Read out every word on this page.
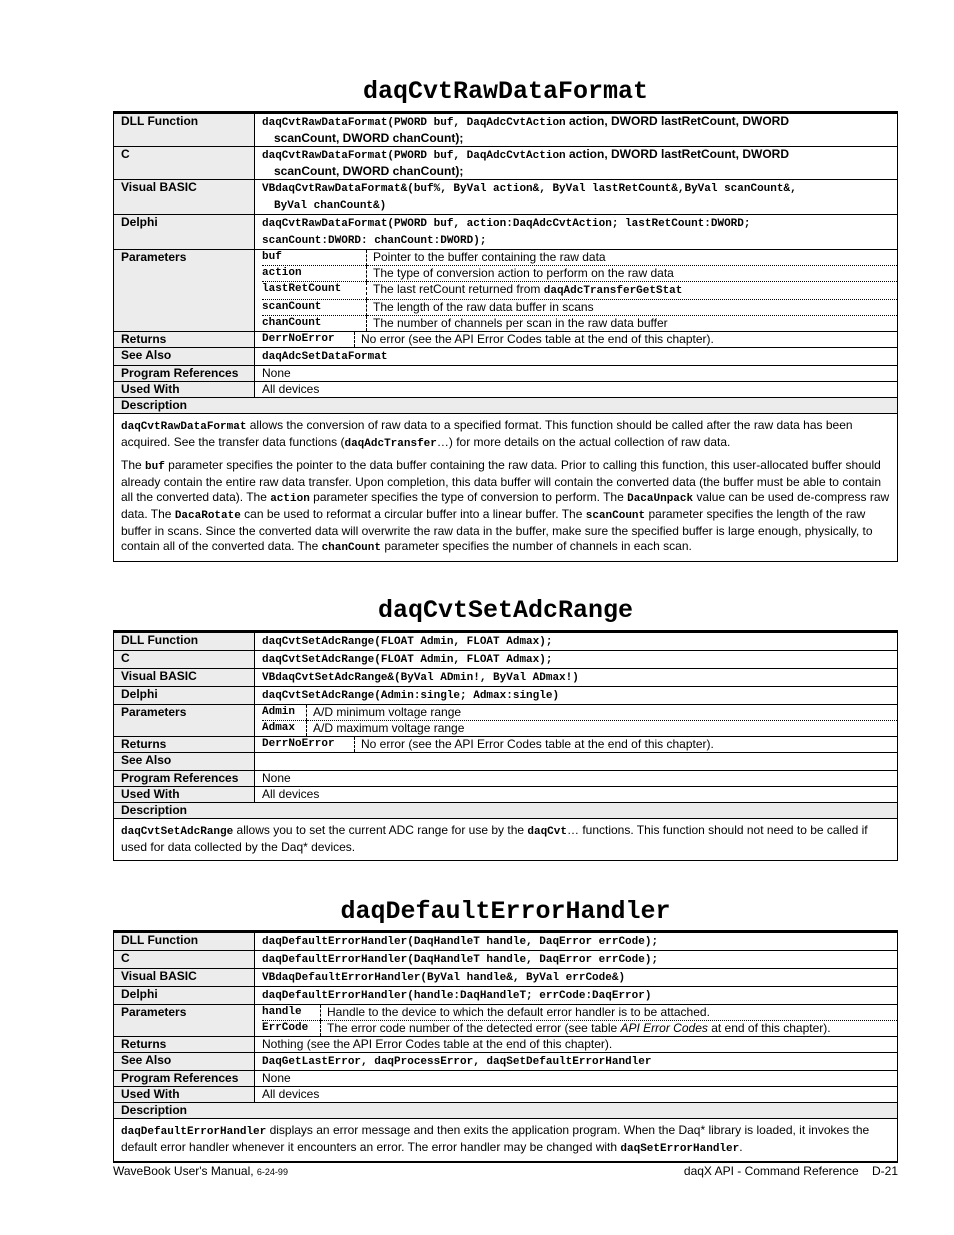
daqCvtRawDataFormat
DLL Function	daqCvtRawDataFormat(PWORD buf, DaqAdcCvtAction action, DWORD lastRetCount, DWORD
scanCount, DWORD chanCount);
C	daqCvtRawDataFormat(PWORD buf, DaqAdcCvtAction action, DWORD lastRetCount, DWORD
scanCount, DWORD chanCount);
Visual BASIC	VBdaqCvtRawDataFormat&(buf%, ByVal action&, ByVal lastRetCount&,ByVal scanCount&,
ByVal chanCount&)
Delphi	daqCvtRawDataFormat(PWORD buf, action:DaqAdcCvtAction; lastRetCount:DWORD;
scanCount:DWORD: chanCount:DWORD);
Parameters		buf	Pointer to the buffer containing the raw data
action	The type of conversion action to perform on the raw data
lastRetCount	The last retCount returned from daqAdcTransferGetStat
scanCount	The length of the raw data buffer in scans
chanCount	The number of channels per scan in the raw data buffer

Returns		DerrNoError	No error (see the API Error Codes table at the end of this chapter).

See Also	daqAdcSetDataFormat
Program References	None
Used With	All devices
Description

daqCvtRawDataFormat allows the conversion of raw data to a specified format. This function should be called after the raw data has been acquired. See the transfer data functions (daqAdcTransfer…) for more details on the actual collection of raw data.

The buf parameter specifies the pointer to the data buffer containing the raw data. Prior to calling this function, this user-allocated buffer should already contain the entire raw data transfer. Upon completion, this data buffer will contain the converted data (the buffer must be able to contain all the converted data). The action parameter specifies the type of conversion to perform. The DacaUnpack value can be used de-compress raw data. The DacaRotate can be used to reformat a circular buffer into a linear buffer. The scanCount parameter specifies the length of the raw buffer in scans. Since the converted data will overwrite the raw data in the buffer, make sure the specified buffer is large enough, physically, to contain all of the converted data. The chanCount parameter specifies the number of channels in each scan.

daqCvtSetAdcRange
DLL Function	daqCvtSetAdcRange(FLOAT Admin, FLOAT Admax);
C	daqCvtSetAdcRange(FLOAT Admin, FLOAT Admax);
Visual BASIC	VBdaqCvtSetAdcRange&(ByVal ADmin!, ByVal ADmax!)
Delphi	daqCvtSetAdcRange(Admin:single; Admax:single)
Parameters		Admin	A/D minimum voltage range
Admax	A/D maximum voltage range

Returns		DerrNoError	No error (see the API Error Codes table at the end of this chapter).

See Also	
Program References	None
Used With	All devices
Description

daqCvtSetAdcRange allows you to set the current ADC range for use by the daqCvt… functions. This function should not need to be called if used for data collected by the Daq* devices.

daqDefaultErrorHandler
DLL Function	daqDefaultErrorHandler(DaqHandleT handle, DaqError errCode);
C	daqDefaultErrorHandler(DaqHandleT handle, DaqError errCode);
Visual BASIC	VBdaqDefaultErrorHandler(ByVal handle&, ByVal errCode&)
Delphi	daqDefaultErrorHandler(handle:DaqHandleT; errCode:DaqError)
Parameters		handle	Handle to the device to which the default error handler is to be attached.
ErrCode	The error code number of the detected error (see table API Error Codes at end of this chapter).

Returns	Nothing (see the API Error Codes table at the end of this chapter).
See Also	DaqGetLastError, daqProcessError, daqSetDefaultErrorHandler
Program References	None
Used With	All devices
Description

daqDefaultErrorHandler displays an error message and then exits the application program. When the Daq* library is loaded, it invokes the default error handler whenever it encounters an error. The error handler may be changed with daqSetErrorHandler.

WaveBook User's Manual, 6-24-99	daqX API - Command Reference    D-21
